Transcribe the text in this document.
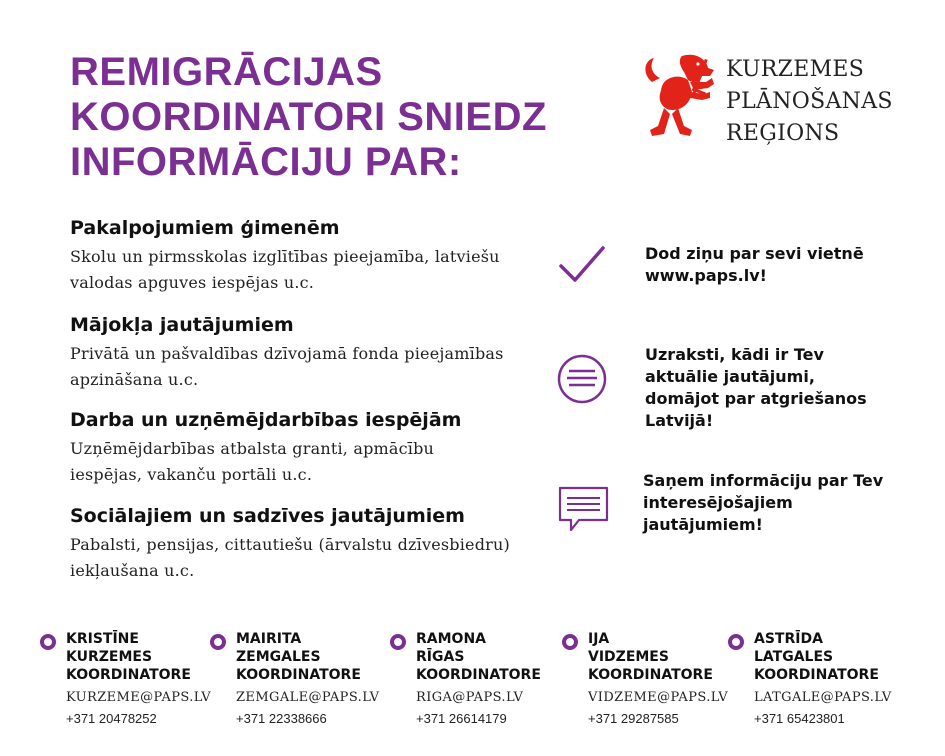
REMIGRĀCIJAS
KOORDINATORI SNIEDZ
INFORMĀCIJU PAR:
KURZEMES
PLĀNOŠANAS
REĢIONS
Pakalpojumiem ģimenēm

Skolu un pirmsskolas izglītības pieejamība, latviešu valodas apguves iespējas u.c.

Mājokļa jautājumiem

Privātā un pašvaldības dzīvojamā fonda pieejamības apzināšana u.c.

Darba un uzņēmējdarbības iespējām

Uzņēmējdarbības atbalsta granti, apmācību iespējas, vakanču portāli u.c.

Sociālajiem un sadzīves jautājumiem

Pabalsti, pensijas, cittautiešu (ārvalstu dzīvesbiedru) iekļaušana u.c.

Dod ziņu par sevi vietnē www.paps.lv!

Uzraksti, kādi ir Tev aktuālie jautājumi, domājot par atgriešanos Latvijā!

Saņem informāciju par Tev interesējošajiem jautājumiem!

KRISTĪNE
KURZEMES
KOORDINATORE
KURZEME@PAPS.LV
+371 20478252
MAIRITA
ZEMGALES
KOORDINATORE
ZEMGALE@PAPS.LV
+371 22338666
RAMONA
RĪGAS
KOORDINATORE
RIGA@PAPS.LV
+371 26614179
IJA
VIDZEMES
KOORDINATORE
VIDZEME@PAPS.LV
+371 29287585
ASTRĪDA
LATGALES
KOORDINATORE
LATGALE@PAPS.LV
+371 65423801
